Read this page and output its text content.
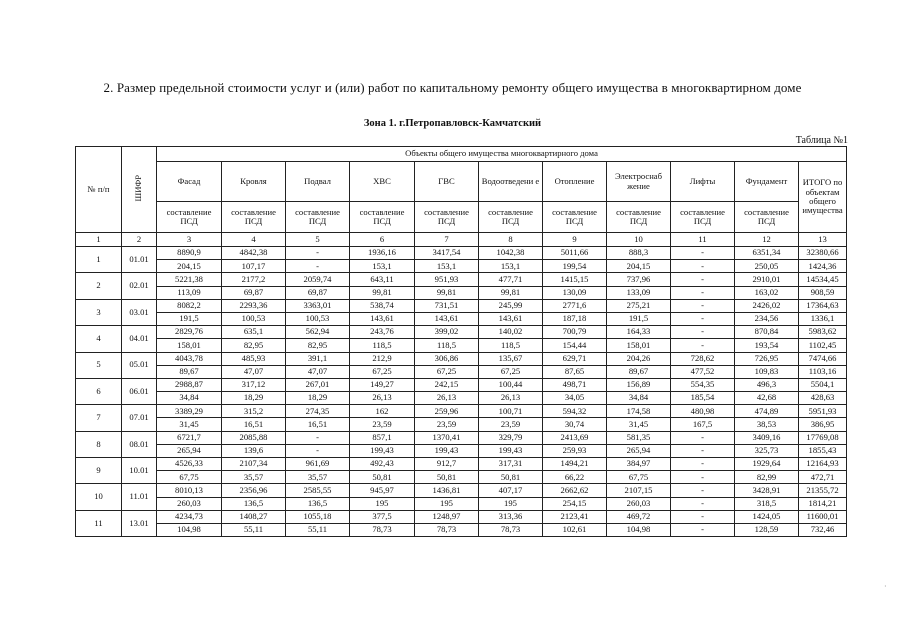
2. Размер предельной стоимости услуг и (или) работ по капитальному ремонту общего имущества в многоквартирном доме
Зона 1. г.Петропавловск-Камчатский
Таблица №1
№ п/п	ШИФР	Объекты общего имущества многоквартирного дома										
		Фасад	Кровля	Подвал	ХВС	ГВС	Водоотведени е	Отопление	Электроснаб жение	Лифты	Фундамент	ИТОГО по объектам общего имущества
		составление ПСД	составление ПСД	составление ПСД	составление ПСД	составление ПСД	составление ПСД	составление ПСД	составление ПСД	составление ПСД	составление ПСД	
1	2	3	4	5	6	7	8	9	10	11	12	13
1	01.01	8890,9	4842,38	-	1936,16	3417,54	1042,38	5011,66	888,3	-	6351,34	32380,66
		204,15	107,17	-	153,1	153,1	153,1	199,54	204,15	-	250,05	1424,36
2	02.01	5221,38	2177,2	2059,74	643,11	951,93	477,71	1415,15	737,96	-	2910,01	14534,45
		113,09	69,87	69,87	99,81	99,81	99,81	130,09	133,09	-	163,02	908,59
3	03.01	8082,2	2293,36	3363,01	538,74	731,51	245,99	2771,6	275,21	-	2426,02	17364,63
		191,5	100,53	100,53	143,61	143,61	143,61	187,18	191,5	-	234,56	1336,1
4	04.01	2829,76	635,1	562,94	243,76	399,02	140,02	700,79	164,33	-	870,84	5983,62
		158,01	82,95	82,95	118,5	118,5	118,5	154,44	158,01	-	193,54	1102,45
5	05.01	4043,78	485,93	391,1	212,9	306,86	135,67	629,71	204,26	728,62	726,95	7474,66
		89,67	47,07	47,07	67,25	67,25	67,25	87,65	89,67	477,52	109,83	1103,16
6	06.01	2988,87	317,12	267,01	149,27	242,15	100,44	498,71	156,89	554,35	496,3	5504,1
		34,84	18,29	18,29	26,13	26,13	26,13	34,05	34,84	185,54	42,68	428,63
7	07.01	3389,29	315,2	274,35	162	259,96	100,71	594,32	174,58	480,98	474,89	5951,93
		31,45	16,51	16,51	23,59	23,59	23,59	30,74	31,45	167,5	38,53	386,95
8	08.01	6721,7	2085,88	-	857,1	1370,41	329,79	2413,69	581,35	-	3409,16	17769,08
		265,94	139,6	-	199,43	199,43	199,43	259,93	265,94	-	325,73	1855,43
9	10.01	4526,33	2107,34	961,69	492,43	912,7	317,31	1494,21	384,97	-	1929,64	12164,93
		67,75	35,57	35,57	50,81	50,81	50,81	66,22	67,75	-	82,99	472,71
10	11.01	8010,13	2356,96	2585,55	945,97	1436,81	407,17	2662,62	2107,15	-	3428,91	21355,72
		260,03	136,5	136,5	195	195	195	254,15	260,03	-	318,5	1814,21
11	13.01	4234,73	1408,27	1055,18	377,5	1248,97	313,36	2123,41	469,72	-	1424,05	11600,01
		104,98	55,11	55,11	78,73	78,73	78,73	102,61	104,98	-	128,59	732,46
·
